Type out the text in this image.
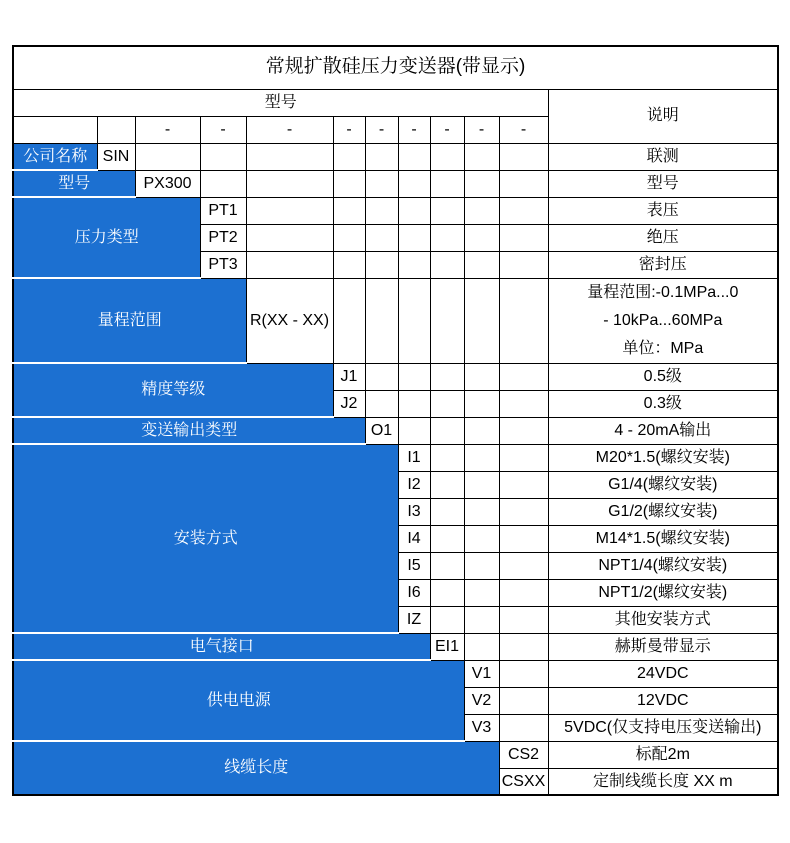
常规扩散硅压力变送器(带显示)											
型号											说明
		-	-	-	-	-	-	-	-	-	
公司名称	SIN										联测
型号		PX300									型号
压力类型			PT1								表压
			PT2								绝压
			PT3								密封压
量程范围				R(XX - XX)							量程范围:-0.1MPa...0
- 10kPa...60MPa
单位：MPa

精度等级					J1						0.5级
					J2						0.3级
变送输出类型						O1					4 - 20mA输出
安装方式							I1				M20*1.5(螺纹安装)
							I2				G1/4(螺纹安装)
							I3				G1/2(螺纹安装)
							I4				M14*1.5(螺纹安装)
							I5				NPT1/4(螺纹安装)
							I6				NPT1/2(螺纹安装)
							IZ				其他安装方式
电气接口								EI1			赫斯曼带显示
供电电源									V1		24VDC
									V2		12VDC
									V3		5VDC(仅支持电压变送输出)
线缆长度										CS2	标配2m
										CSXX	定制线缆长度 XX m
